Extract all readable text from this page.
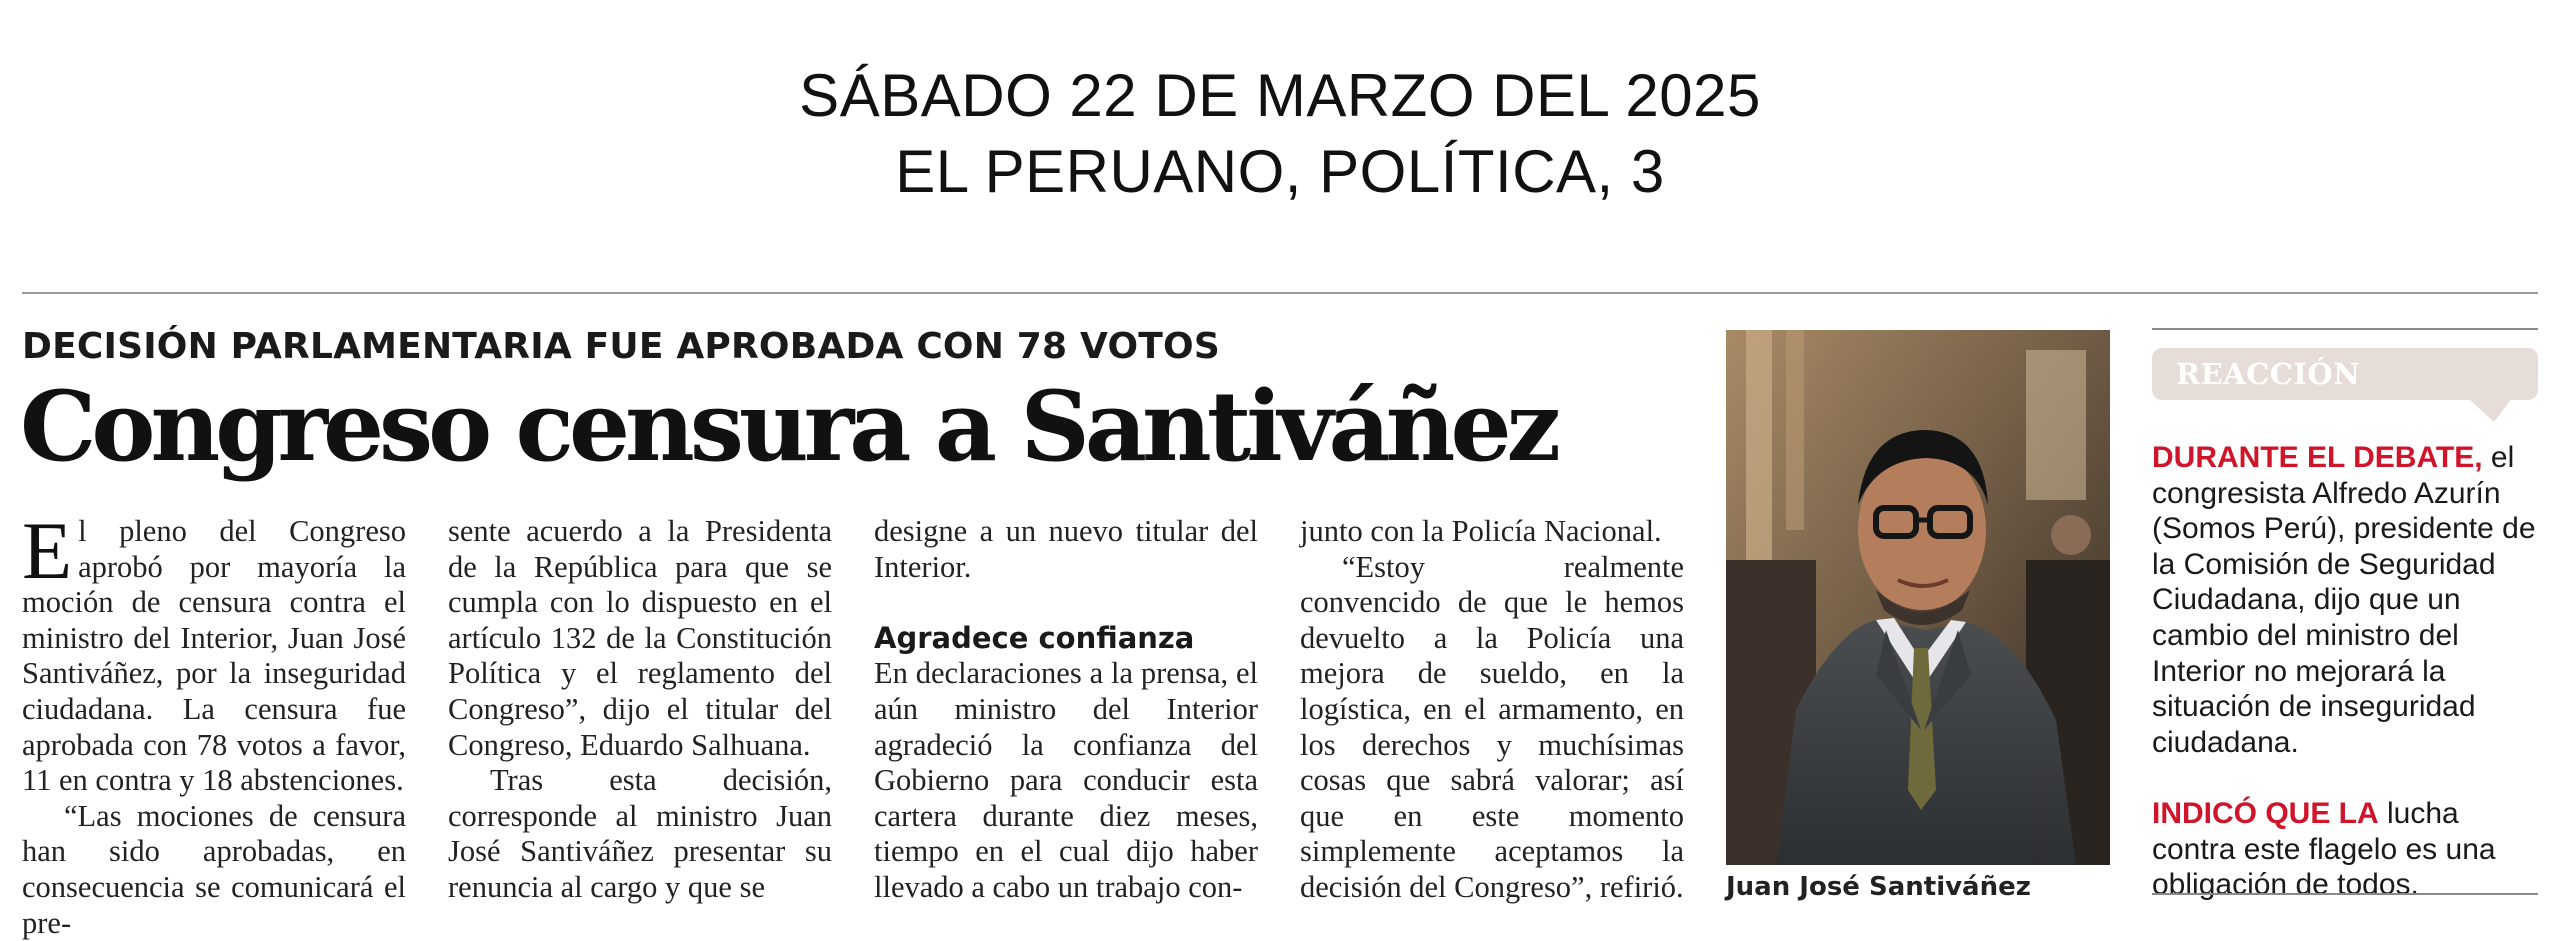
SÁBADO 22 DE MARZO DEL 2025
EL PERUANO, POLÍTICA, 3
DECISIÓN PARLAMENTARIA FUE APROBADA CON 78 VOTOS
Congreso censura a Santiváñez

El pleno del Congreso aprobó por mayoría la moción de censura contra el ministro del Interior, Juan José Santiváñez, por la inseguridad ciudadana. La censura fue aprobada con 78 votos a favor, 11 en contra y 18 abstenciones.

“Las mociones de censura han sido aprobadas, en consecuencia se comunicará el pre-

sente acuerdo a la Presidenta de la República para que se cumpla con lo dispuesto en el artículo 132 de la Constitución Política y el reglamento del Congreso”, dijo el titular del Congreso, Eduardo Salhuana.

Tras esta decisión, corresponde al ministro Juan José Santiváñez presentar su renuncia al cargo y que se

designe a un nuevo titular del Interior.

Agradece confianza

En declaraciones a la prensa, el aún ministro del Interior agradeció la confianza del Gobierno para conducir esta cartera durante diez meses, tiempo en el cual dijo haber llevado a cabo un trabajo con-

junto con la Policía Nacional.

“Estoy realmente convencido de que le hemos devuelto a la Policía una mejora de sueldo, en la logística, en el armamento, en los derechos y muchísimas cosas que sabrá valorar; así que en este momento simplemente aceptamos la decisión del Congreso”, refirió. Juan José Santiváñez
REACCIÓN

DURANTE EL DEBATE, el congresista Alfredo Azurín (Somos Perú), presidente de la Comisión de Seguridad Ciudadana, dijo que un cambio del ministro del Interior no mejorará la situación de inseguridad ciudadana.

INDICÓ QUE LA lucha contra este flagelo es una obligación de todos.
